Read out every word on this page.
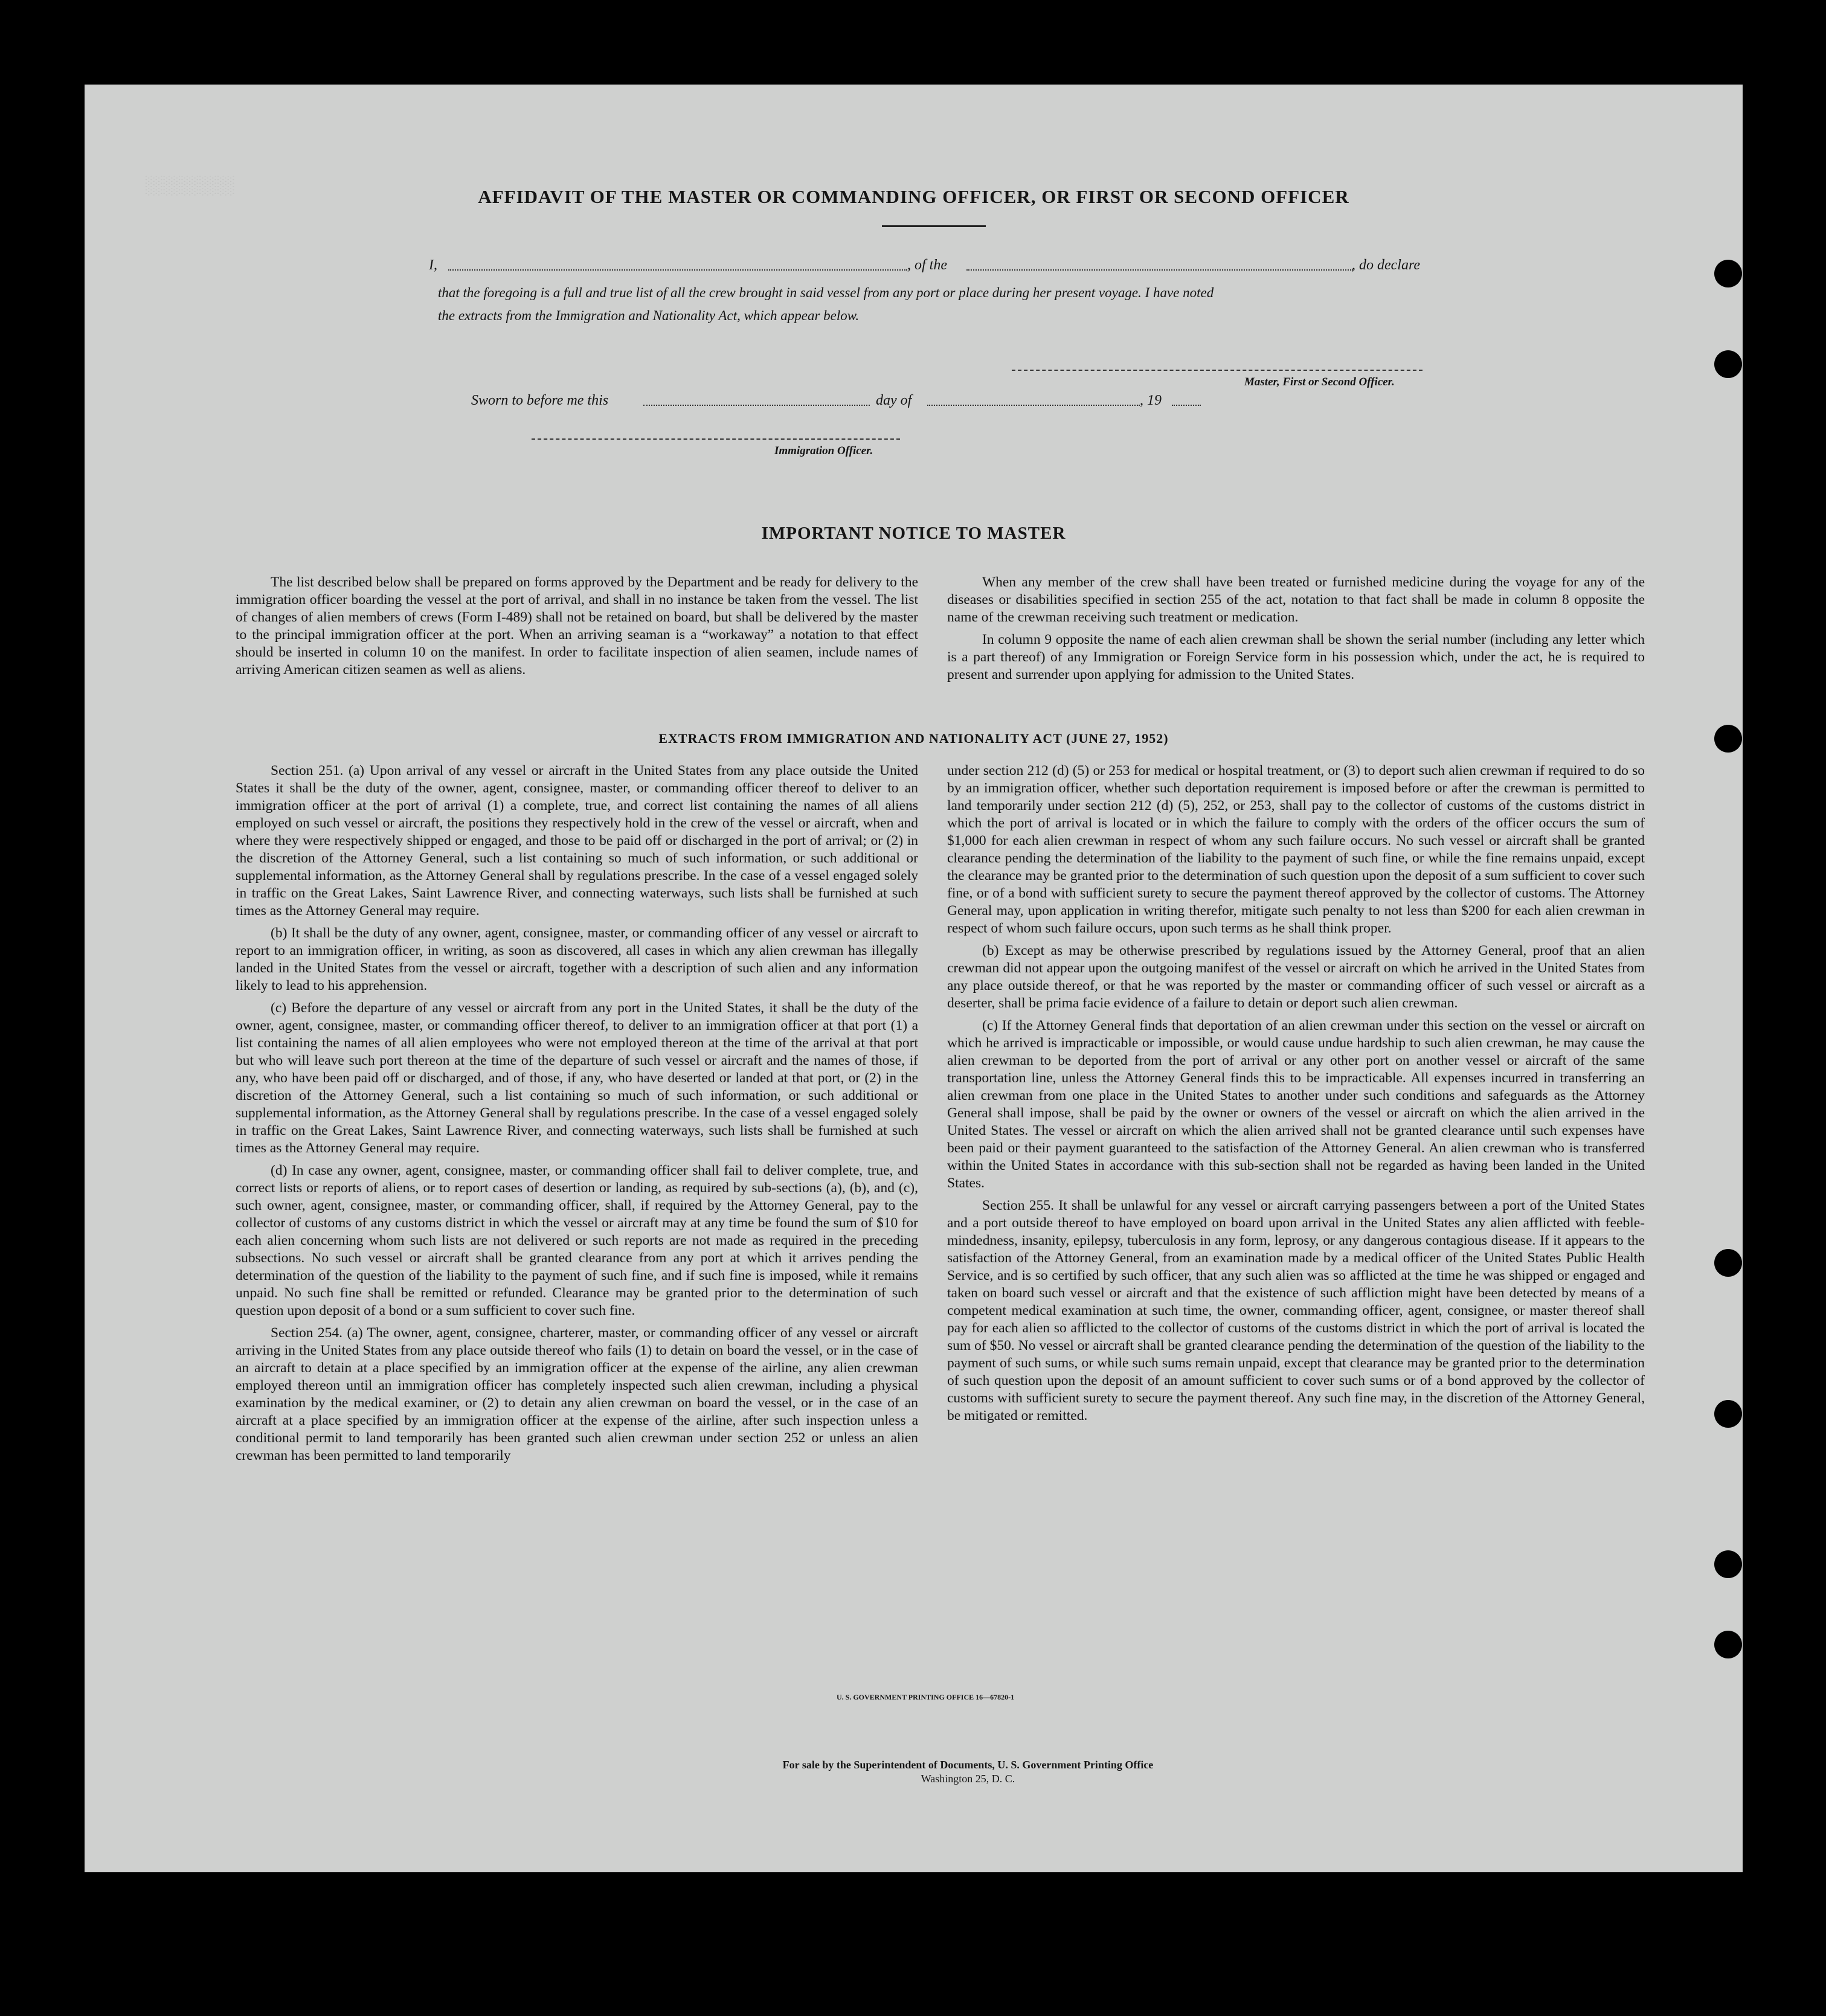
░░░░░
AFFIDAVIT OF THE MASTER OR COMMANDING OFFICER, OR FIRST OR SECOND OFFICER
I,	, of the	, do declare
that the foregoing is a full and true list of all the crew brought in said vessel from any port or place during her present voyage. I have noted
the extracts from the Immigration and Nationality Act, which appear below.
Master, First or Second Officer.
Sworn to before me this	day of	, 19
Immigration Officer.
IMPORTANT NOTICE TO MASTER

The list described below shall be prepared on forms approved by the Department and be ready for delivery to the immigration officer boarding the vessel at the port of arrival, and shall in no instance be taken from the vessel. The list of changes of alien members of crews (Form I-489) shall not be retained on board, but shall be delivered by the master to the principal immigration officer at the port. When an arriving seaman is a “workaway” a notation to that effect should be inserted in column 10 on the manifest. In order to facilitate inspection of alien seamen, include names of arriving American citizen seamen as well as aliens.

When any member of the crew shall have been treated or furnished medicine during the voyage for any of the diseases or disabilities specified in section 255 of the act, notation to that fact shall be made in column 8 opposite the name of the crewman receiving such treatment or medication.

In column 9 opposite the name of each alien crewman shall be shown the serial number (including any letter which is a part thereof) of any Immigration or Foreign Service form in his possession which, under the act, he is required to present and surrender upon applying for admission to the United States.

EXTRACTS FROM IMMIGRATION AND NATIONALITY ACT (JUNE 27, 1952)

Section 251. (a) Upon arrival of any vessel or aircraft in the United States from any place outside the United States it shall be the duty of the owner, agent, consignee, master, or commanding officer thereof to deliver to an immigration officer at the port of arrival (1) a complete, true, and correct list containing the names of all aliens employed on such vessel or aircraft, the positions they respectively hold in the crew of the vessel or aircraft, when and where they were respectively shipped or engaged, and those to be paid off or discharged in the port of arrival; or (2) in the discretion of the Attorney General, such a list containing so much of such information, or such additional or supplemental information, as the Attorney General shall by regulations prescribe. In the case of a vessel engaged solely in traffic on the Great Lakes, Saint Lawrence River, and connecting waterways, such lists shall be furnished at such times as the Attorney General may require.

(b) It shall be the duty of any owner, agent, consignee, master, or commanding officer of any vessel or aircraft to report to an immigration officer, in writing, as soon as discovered, all cases in which any alien crewman has illegally landed in the United States from the vessel or aircraft, together with a description of such alien and any information likely to lead to his apprehension.

(c) Before the departure of any vessel or aircraft from any port in the United States, it shall be the duty of the owner, agent, consignee, master, or commanding officer thereof, to deliver to an immigration officer at that port (1) a list containing the names of all alien employees who were not employed thereon at the time of the arrival at that port but who will leave such port thereon at the time of the departure of such vessel or aircraft and the names of those, if any, who have been paid off or discharged, and of those, if any, who have deserted or landed at that port, or (2) in the discretion of the Attorney General, such a list containing so much of such information, or such additional or supplemental information, as the Attorney General shall by regulations prescribe. In the case of a vessel engaged solely in traffic on the Great Lakes, Saint Lawrence River, and connecting waterways, such lists shall be furnished at such times as the Attorney General may require.

(d) In case any owner, agent, consignee, master, or commanding officer shall fail to deliver complete, true, and correct lists or reports of aliens, or to report cases of desertion or landing, as required by sub-sections (a), (b), and (c), such owner, agent, consignee, master, or commanding officer, shall, if required by the Attorney General, pay to the collector of customs of any customs district in which the vessel or aircraft may at any time be found the sum of $10 for each alien concerning whom such lists are not delivered or such reports are not made as required in the preceding subsections. No such vessel or aircraft shall be granted clearance from any port at which it arrives pending the determination of the question of the liability to the payment of such fine, and if such fine is imposed, while it remains unpaid. No such fine shall be remitted or refunded. Clearance may be granted prior to the determination of such question upon deposit of a bond or a sum sufficient to cover such fine.

Section 254. (a) The owner, agent, consignee, charterer, master, or commanding officer of any vessel or aircraft arriving in the United States from any place outside thereof who fails (1) to detain on board the vessel, or in the case of an aircraft to detain at a place specified by an immigration officer at the expense of the airline, any alien crewman employed thereon until an immigration officer has completely inspected such alien crewman, including a physical examination by the medical examiner, or (2) to detain any alien crewman on board the vessel, or in the case of an aircraft at a place specified by an immigration officer at the expense of the airline, after such inspection unless a conditional permit to land temporarily has been granted such alien crewman under section 252 or unless an alien crewman has been permitted to land temporarily

under section 212 (d) (5) or 253 for medical or hospital treatment, or (3) to deport such alien crewman if required to do so by an immigration officer, whether such deportation requirement is imposed before or after the crewman is permitted to land temporarily under section 212 (d) (5), 252, or 253, shall pay to the collector of customs of the customs district in which the port of arrival is located or in which the failure to comply with the orders of the officer occurs the sum of $1,000 for each alien crewman in respect of whom any such failure occurs. No such vessel or aircraft shall be granted clearance pending the determination of the liability to the payment of such fine, or while the fine remains unpaid, except the clearance may be granted prior to the determination of such question upon the deposit of a sum sufficient to cover such fine, or of a bond with sufficient surety to secure the payment thereof approved by the collector of customs. The Attorney General may, upon application in writing therefor, mitigate such penalty to not less than $200 for each alien crewman in respect of whom such failure occurs, upon such terms as he shall think proper.

(b) Except as may be otherwise prescribed by regulations issued by the Attorney General, proof that an alien crewman did not appear upon the outgoing manifest of the vessel or aircraft on which he arrived in the United States from any place outside thereof, or that he was reported by the master or commanding officer of such vessel or aircraft as a deserter, shall be prima facie evidence of a failure to detain or deport such alien crewman.

(c) If the Attorney General finds that deportation of an alien crewman under this section on the vessel or aircraft on which he arrived is impracticable or impossible, or would cause undue hardship to such alien crewman, he may cause the alien crewman to be deported from the port of arrival or any other port on another vessel or aircraft of the same transportation line, unless the Attorney General finds this to be impracticable. All expenses incurred in transferring an alien crewman from one place in the United States to another under such conditions and safeguards as the Attorney General shall impose, shall be paid by the owner or owners of the vessel or aircraft on which the alien arrived in the United States. The vessel or aircraft on which the alien arrived shall not be granted clearance until such expenses have been paid or their payment guaranteed to the satisfaction of the Attorney General. An alien crewman who is transferred within the United States in accordance with this sub-section shall not be regarded as having been landed in the United States.

Section 255. It shall be unlawful for any vessel or aircraft carrying passengers between a port of the United States and a port outside thereof to have employed on board upon arrival in the United States any alien afflicted with feeble-mindedness, insanity, epilepsy, tuberculosis in any form, leprosy, or any dangerous contagious disease. If it appears to the satisfaction of the Attorney General, from an examination made by a medical officer of the United States Public Health Service, and is so certified by such officer, that any such alien was so afflicted at the time he was shipped or engaged and taken on board such vessel or aircraft and that the existence of such affliction might have been detected by means of a competent medical examination at such time, the owner, commanding officer, agent, consignee, or master thereof shall pay for each alien so afflicted to the collector of customs of the customs district in which the port of arrival is located the sum of $50. No vessel or aircraft shall be granted clearance pending the determination of the question of the liability to the payment of such sums, or while such sums remain unpaid, except that clearance may be granted prior to the determination of such question upon the deposit of an amount sufficient to cover such sums or of a bond approved by the collector of customs with sufficient surety to secure the payment thereof. Any such fine may, in the discretion of the Attorney General, be mitigated or remitted.

U. S. GOVERNMENT PRINTING OFFICE 16—67820-1
For sale by the Superintendent of Documents, U. S. Government Printing Office
Washington 25, D. C.
